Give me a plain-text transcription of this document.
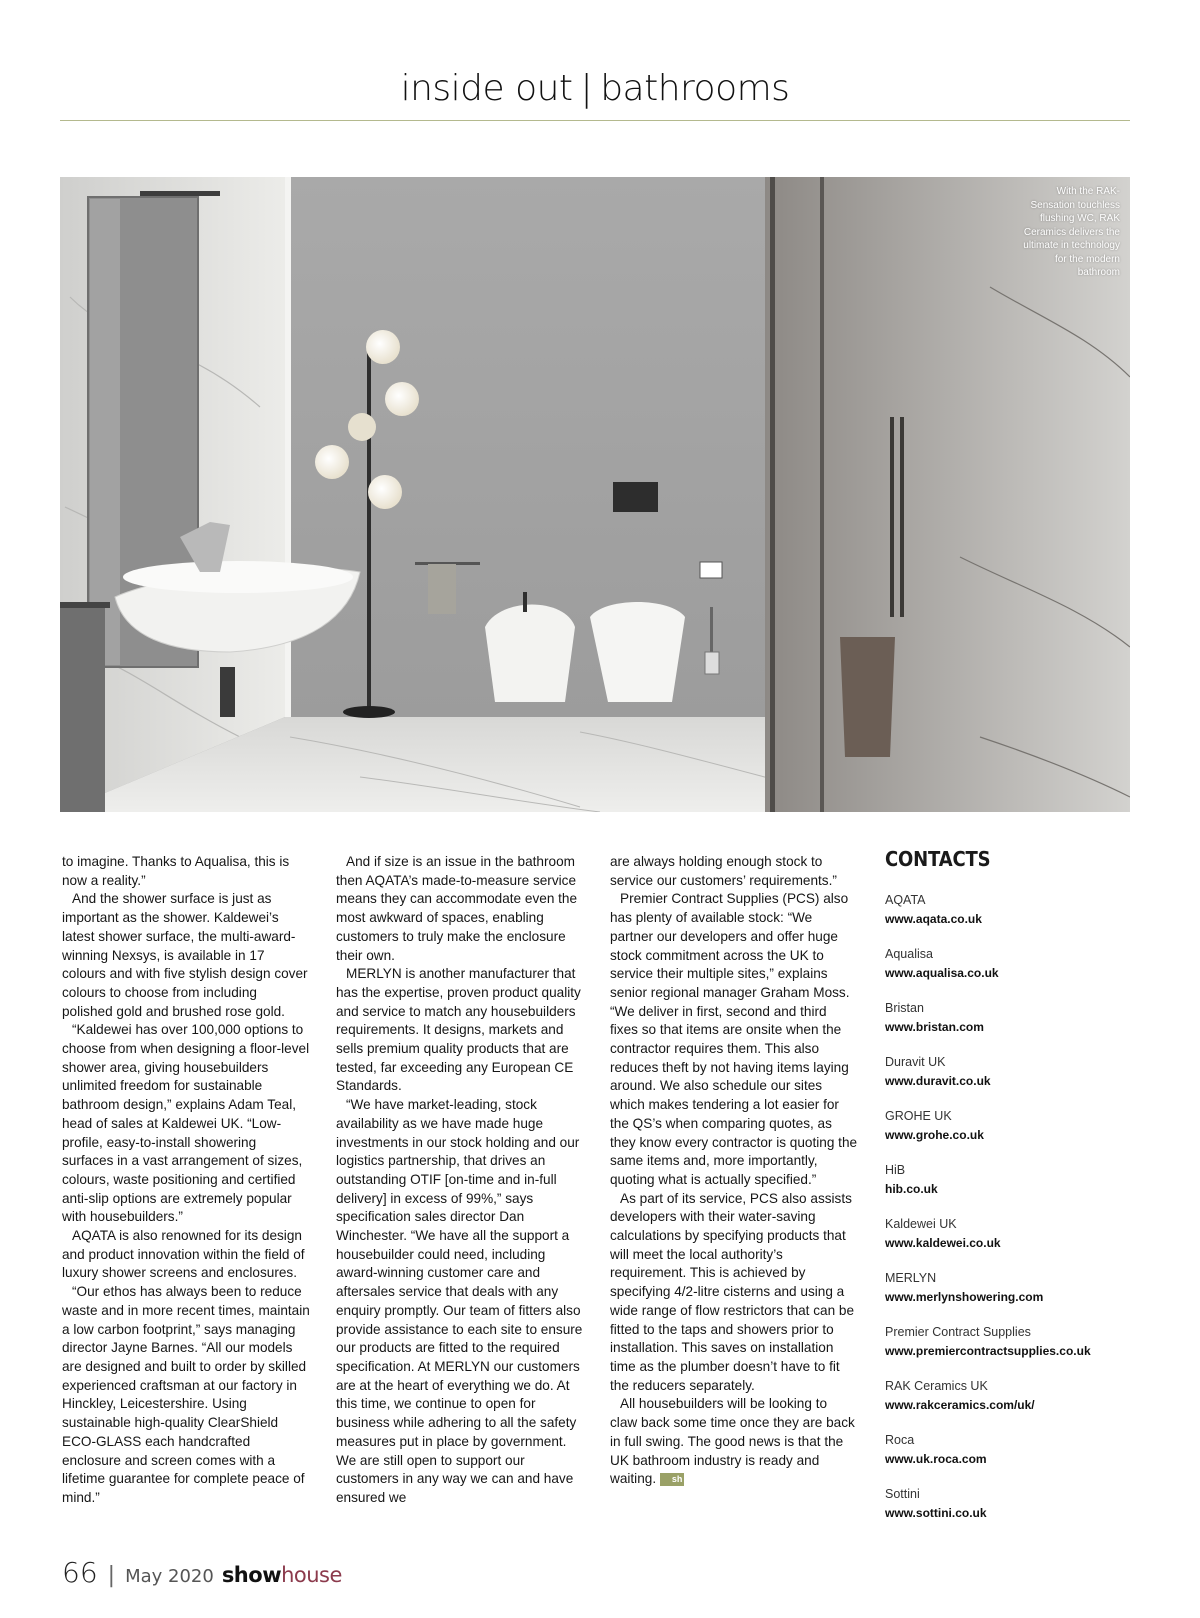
inside out | bathrooms
With the RAK-Sensation touchless flushing WC, RAK Ceramics delivers the ultimate in technology for the modern bathroom

to imagine. Thanks to Aqualisa, this is now a reality.”

And the shower surface is just as important as the shower. Kaldewei’s latest shower surface, the multi-award-winning Nexsys, is available in 17 colours and with five stylish design cover colours to choose from including polished gold and brushed rose gold.

“Kaldewei has over 100,000 options to choose from when designing a floor-level shower area, giving housebuilders unlimited freedom for sustainable bathroom design,” explains Adam Teal, head of sales at Kaldewei UK. “Low-profile, easy-to-install showering surfaces in a vast arrangement of sizes, colours, waste positioning and certified anti-slip options are extremely popular with housebuilders.”

AQATA is also renowned for its design and product innovation within the field of luxury shower screens and enclosures.

“Our ethos has always been to reduce waste and in more recent times, maintain a low carbon footprint,” says managing director Jayne Barnes. “All our models are designed and built to order by skilled experienced craftsman at our factory in Hinckley, Leicestershire. Using sustainable high-quality ClearShield ECO-GLASS each handcrafted enclosure and screen comes with a lifetime guarantee for complete peace of mind.”

And if size is an issue in the bathroom then AQATA’s made-to-measure service means they can accommodate even the most awkward of spaces, enabling customers to truly make the enclosure their own.

MERLYN is another manufacturer that has the expertise, proven product quality and service to match any housebuilders requirements. It designs, markets and sells premium quality products that are tested, far exceeding any European CE Standards.

“We have market-leading, stock availability as we have made huge investments in our stock holding and our logistics partnership, that drives an outstanding OTIF [on-time and in-full delivery] in excess of 99%,” says specification sales director Dan Winchester. “We have all the support a housebuilder could need, including award-winning customer care and aftersales service that deals with any enquiry promptly. Our team of fitters also provide assistance to each site to ensure our products are fitted to the required specification. At MERLYN our customers are at the heart of everything we do. At this time, we continue to open for business while adhering to all the safety measures put in place by government. We are still open to support our customers in any way we can and have ensured we

are always holding enough stock to service our customers’ requirements.”

Premier Contract Supplies (PCS) also has plenty of available stock: “We partner our developers and offer huge stock commitment across the UK to service their multiple sites,” explains senior regional manager Graham Moss. “We deliver in first, second and third fixes so that items are onsite when the contractor requires them. This also reduces theft by not having items laying around. We also schedule our sites which makes tendering a lot easier for the QS’s when comparing quotes, as they know every contractor is quoting the same items and, more importantly, quoting what is actually specified.”

As part of its service, PCS also assists developers with their water-saving calculations by specifying products that will meet the local authority’s requirement. This is achieved by specifying 4/2-litre cisterns and using a wide range of flow restrictors that can be fitted to the taps and showers prior to installation. This saves on installation time as the plumber doesn’t have to fit the reducers separately.

All housebuilders will be looking to claw back some time once they are back in full swing. The good news is that the UK bathroom industry is ready and waiting. sh

CONTACTS
AQATA
www.aqata.co.uk
Aqualisa
www.aqualisa.co.uk
Bristan
www.bristan.com
Duravit UK
www.duravit.co.uk
GROHE UK
www.grohe.co.uk
HiB
hib.co.uk
Kaldewei UK
www.kaldewei.co.uk
MERLYN
www.merlynshowering.com
Premier Contract Supplies
www.premiercontractsupplies.co.uk
RAK Ceramics UK
www.rakceramics.com/uk/
Roca
www.uk.roca.com
Sottini
www.sottini.co.uk
66 | May 2020 show house
